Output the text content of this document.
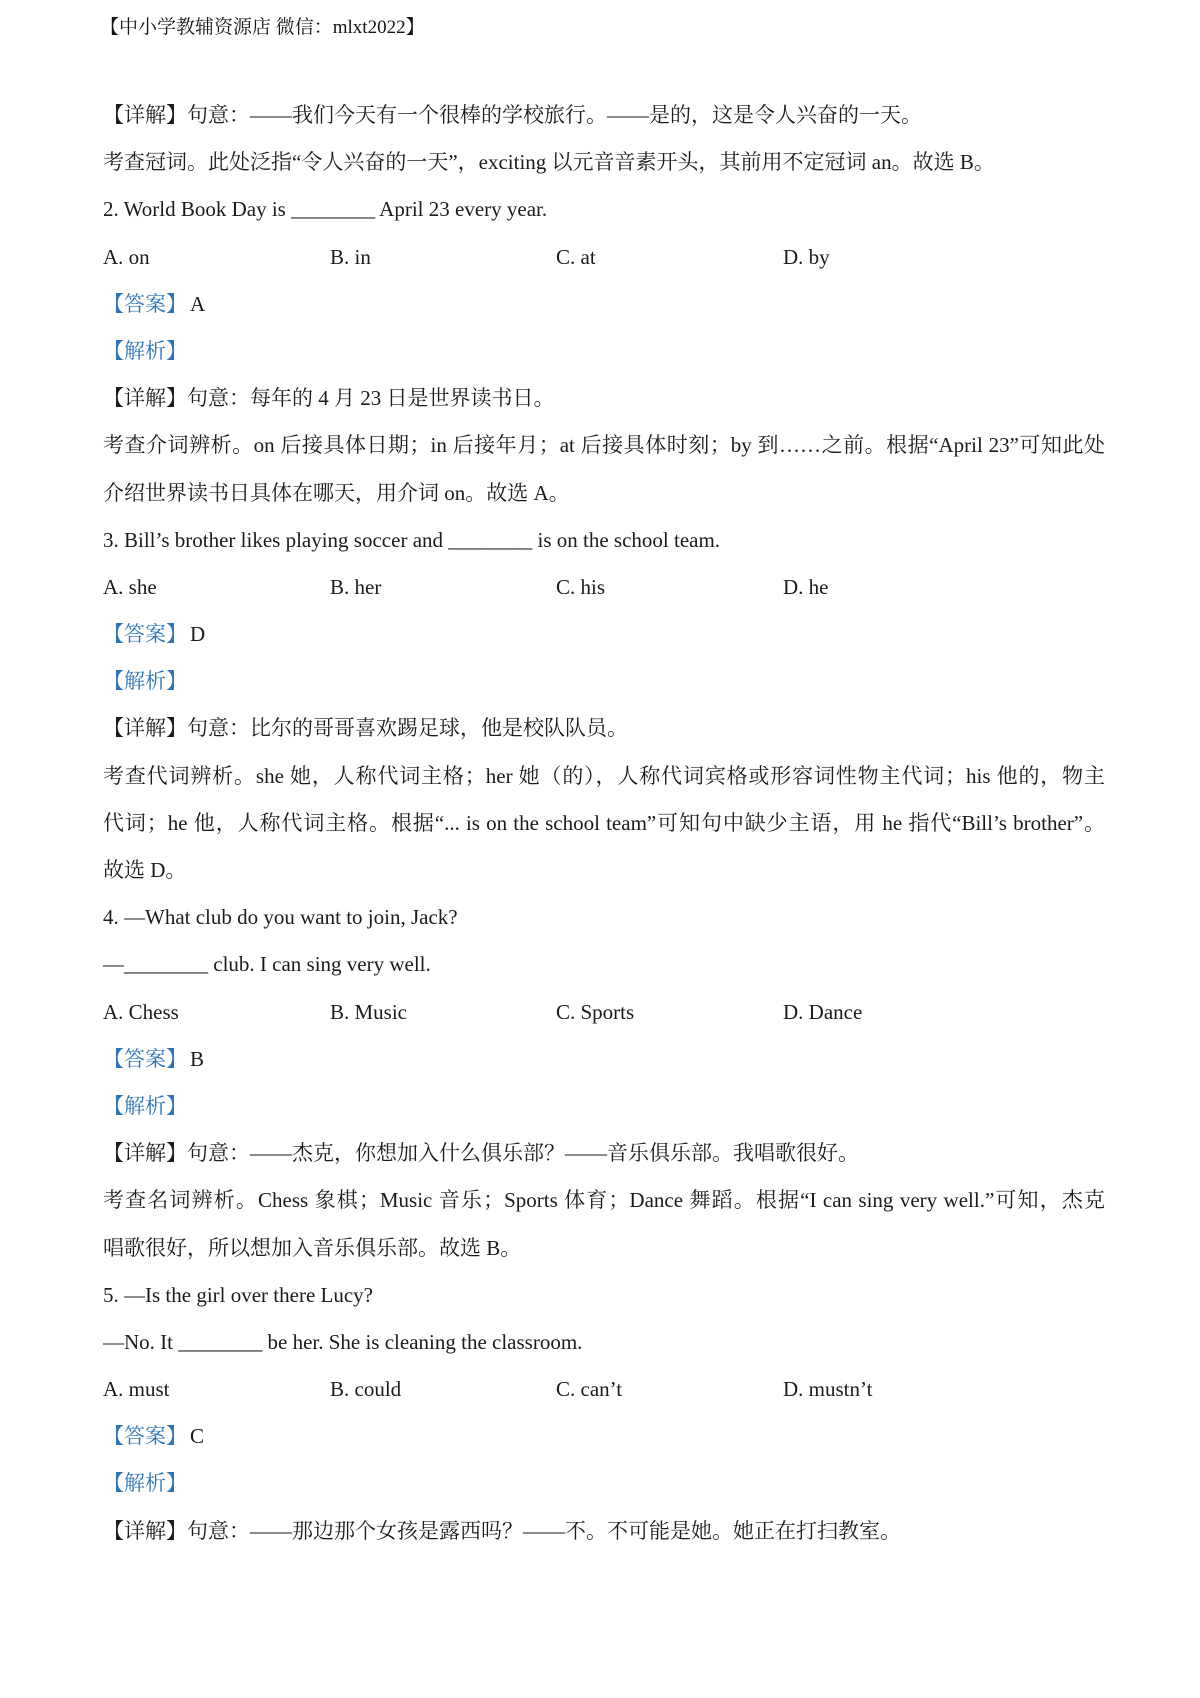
【中小学教辅资源店 微信：mlxt2022】
【详解】句意：——我们今天有一个很棒的学校旅行。——是的，这是令人兴奋的一天。
考查冠词。此处泛指“令人兴奋的一天”，exciting 以元音音素开头，其前用不定冠词 an。故选 B。
2. World Book Day is ________ April 23 every year.
A. on	B. in	C. at	D. by
【答案】 A
【解析】
【详解】句意：每年的 4 月 23 日是世界读书日。
考查介词辨析。on 后接具体日期；in 后接年月；at 后接具体时刻；by 到……之前。根据“April 23”可知此处
介绍世界读书日具体在哪天，用介词 on。故选 A。
3. Bill’s brother likes playing soccer and ________ is on the school team.
A. she	B. her	C. his	D. he
【答案】 D
【解析】
【详解】句意：比尔的哥哥喜欢踢足球，他是校队队员。
考查代词辨析。she 她，人称代词主格；her 她（的），人称代词宾格或形容词性物主代词；his 他的，物主
代词；he 他，人称代词主格。根据“... is on the school team”可知句中缺少主语，用 he 指代“Bill’s brother”。
故选 D。
4. —What club do you want to join, Jack?
—________ club. I can sing very well.
A. Chess	B. Music	C. Sports	D. Dance
【答案】 B
【解析】
【详解】句意：——杰克，你想加入什么俱乐部？——音乐俱乐部。我唱歌很好。
考查名词辨析。Chess 象棋；Music 音乐；Sports 体育；Dance 舞蹈。根据“I can sing very well.”可知，杰克
唱歌很好，所以想加入音乐俱乐部。故选 B。
5. —Is the girl over there Lucy?
—No. It ________ be her. She is cleaning the classroom.
A. must	B. could	C. can’t	D. mustn’t
【答案】 C
【解析】
【详解】句意：——那边那个女孩是露西吗？——不。不可能是她。她正在打扫教室。
